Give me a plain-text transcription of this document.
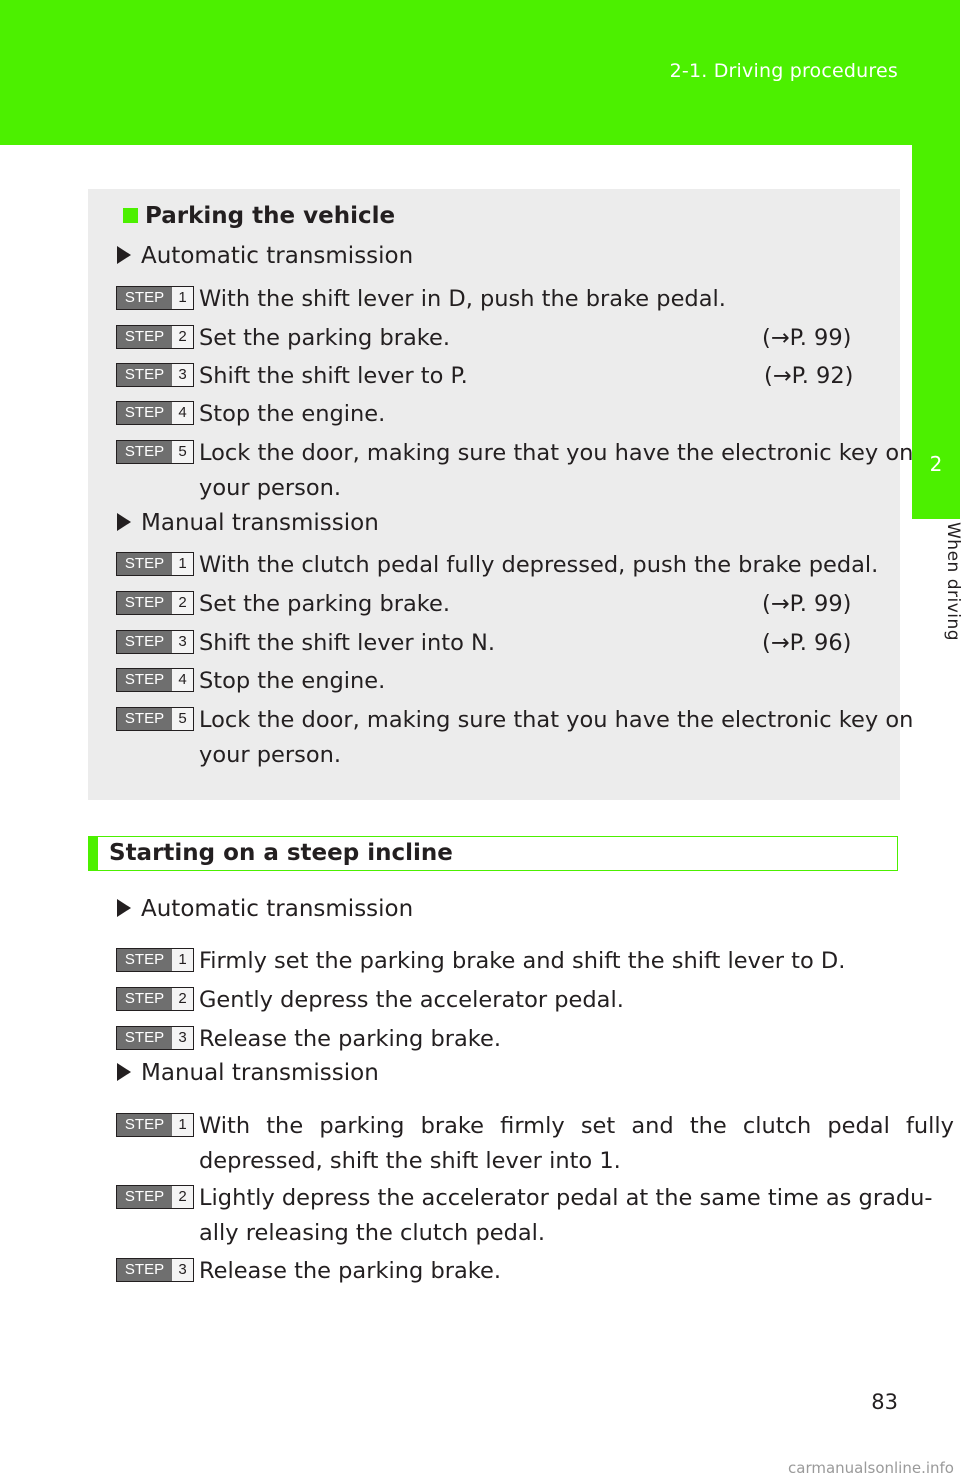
2-1. Driving procedures
2
When driving
Parking the vehicle
Automatic transmission
STEP 1 With the shift lever in D, push the brake pedal.
STEP 2 Set the parking brake.	(→P. 99)
STEP 3 Shift the shift lever to P.	(→P. 92)
STEP 4 Stop the engine.
STEP 5 Lock the door, making sure that you have the electronic key on
your person.
Manual transmission
STEP 1 With the clutch pedal fully depressed, push the brake pedal.
STEP 2 Set the parking brake.	(→P. 99)
STEP 3 Shift the shift lever into N.	(→P. 96)
STEP 4 Stop the engine.
STEP 5 Lock the door, making sure that you have the electronic key on
your person.
Starting on a steep incline
Automatic transmission
STEP 1 Firmly set the parking brake and shift the shift lever to D.
STEP 2 Gently depress the accelerator pedal.
STEP 3 Release the parking brake.
Manual transmission
STEP 1 With the parking brake firmly set and the clutch pedal fully
depressed, shift the shift lever into 1.
STEP 2 Lightly depress the accelerator pedal at the same time as gradu-
ally releasing the clutch pedal.
STEP 3 Release the parking brake.
83
carmanualsonline.info
